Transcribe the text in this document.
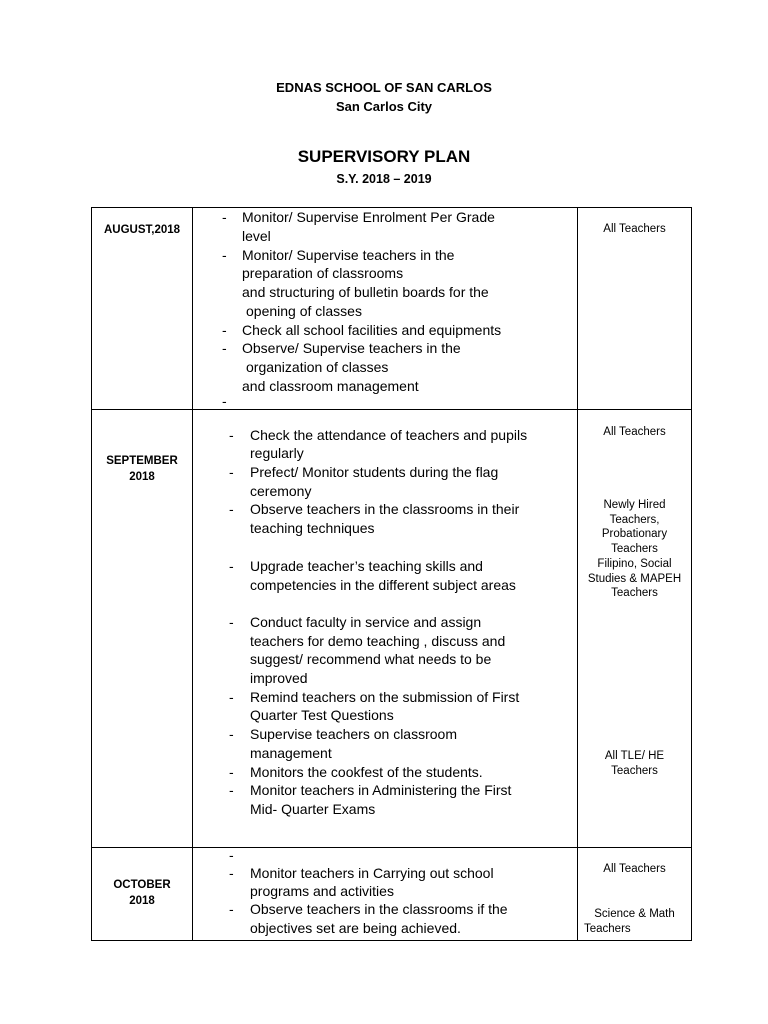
EDNAS SCHOOL OF SAN CARLOS
San Carlos City
SUPERVISORY PLAN
S.Y. 2018 – 2019
AUGUST,2018
- Monitor/ Supervise Enrolment Per Grade
level
- Monitor/ Supervise teachers in the
preparation of classrooms
and structuring of bulletin boards for the
opening of classes
- Check all school facilities and equipments
- Observe/ Supervise teachers in the
organization of classes
and classroom management
-
All Teachers
SEPTEMBER
2018
- Check the attendance of teachers and pupils
regularly
- Prefect/ Monitor students during the flag
ceremony
- Observe teachers in the classrooms in their
teaching techniques
- Upgrade teacher’s teaching skills and
competencies in the different subject areas
- Conduct faculty in service and assign
teachers for demo teaching , discuss and
suggest/ recommend what needs to be
improved
- Remind teachers on the submission of First
Quarter Test Questions
- Supervise teachers on classroom
management
- Monitors the cookfest of the students.
- Monitor teachers in Administering the First
Mid- Quarter Exams
All Teachers
Newly Hired
Teachers,
Probationary
Teachers
Filipino, Social
Studies & MAPEH
Teachers
All TLE/ HE
Teachers
OCTOBER
2018
-
- Monitor teachers in Carrying out school
programs and activities
- Observe teachers in the classrooms if the
objectives set are being achieved.
All Teachers
Science & Math
Teachers
